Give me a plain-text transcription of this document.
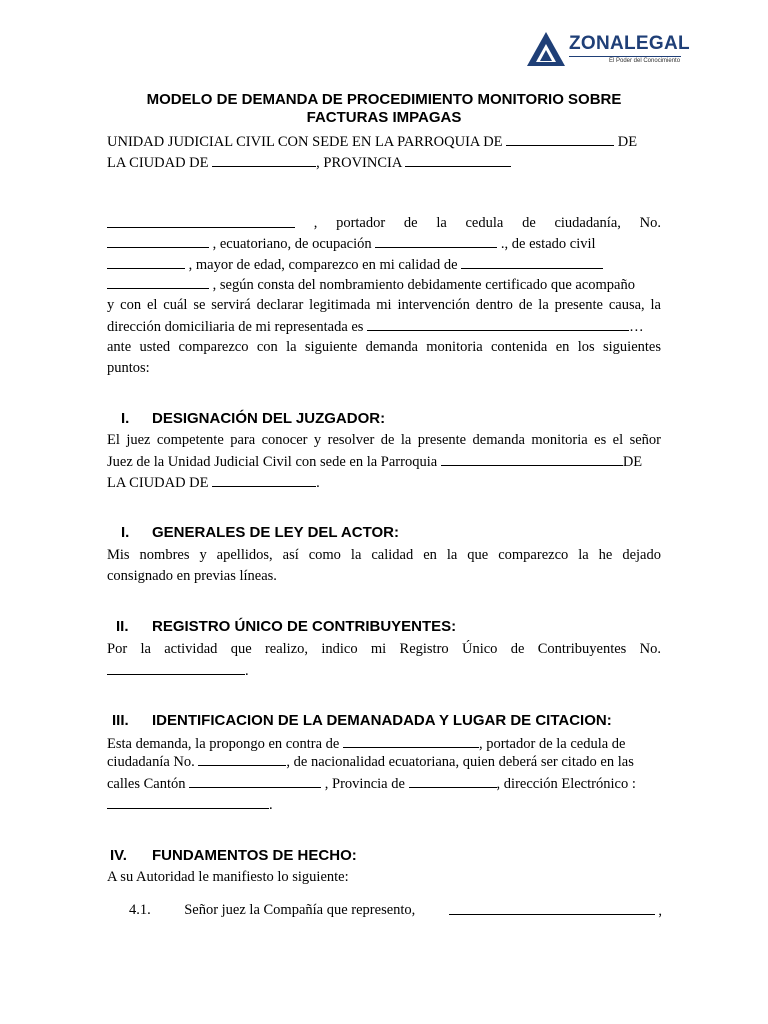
ZONALEGAL
El Poder del Conocimiento
MODELO DE DEMANDA DE PROCEDIMIENTO MONITORIO SOBRE
FACTURAS IMPAGAS
UNIDAD JUDICIAL CIVIL CON SEDE EN LA PARROQUIA DE	DE
LA CIUDAD DE	, PROVINCIA
, portador de la cedula de ciudadanía, No.
, ecuatoriano, de ocupación	., de estado civil
, mayor de edad, comparezco en mi calidad de
, según consta del nombramiento debidamente certificado que acompaño
y con el cuál se servirá declarar legitimada mi intervención dentro de la presente causa, la
dirección domiciliaria de mi representada es	…
ante usted comparezco con la siguiente demanda monitoria contenida en los siguientes
puntos:
I. DESIGNACIÓN DEL JUZGADOR:
El juez competente para conocer y resolver de la presente demanda monitoria es el señor
Juez de la Unidad Judicial Civil con sede en la Parroquia	DE
LA CIUDAD DE	.
I. GENERALES DE LEY DEL ACTOR:
Mis nombres y apellidos, así como la calidad en la que comparezco la he dejado
consignado en previas líneas.
II. REGISTRO ÚNICO DE CONTRIBUYENTES:
Por la actividad que realizo, indico mi Registro Único de Contribuyentes No.
.
III. IDENTIFICACION DE LA DEMANADADA Y LUGAR DE CITACION:
Esta demanda, la propongo en contra de	, portador de la cedula de
ciudadanía No.	, de nacionalidad ecuatoriana, quien deberá ser citado en las
calles Cantón	, Provincia de	, dirección Electrónico :
.
IV. FUNDAMENTOS DE HECHO:
A su Autoridad le manifiesto lo siguiente:
4.1. Señor juez la Compañía que represento,	,
